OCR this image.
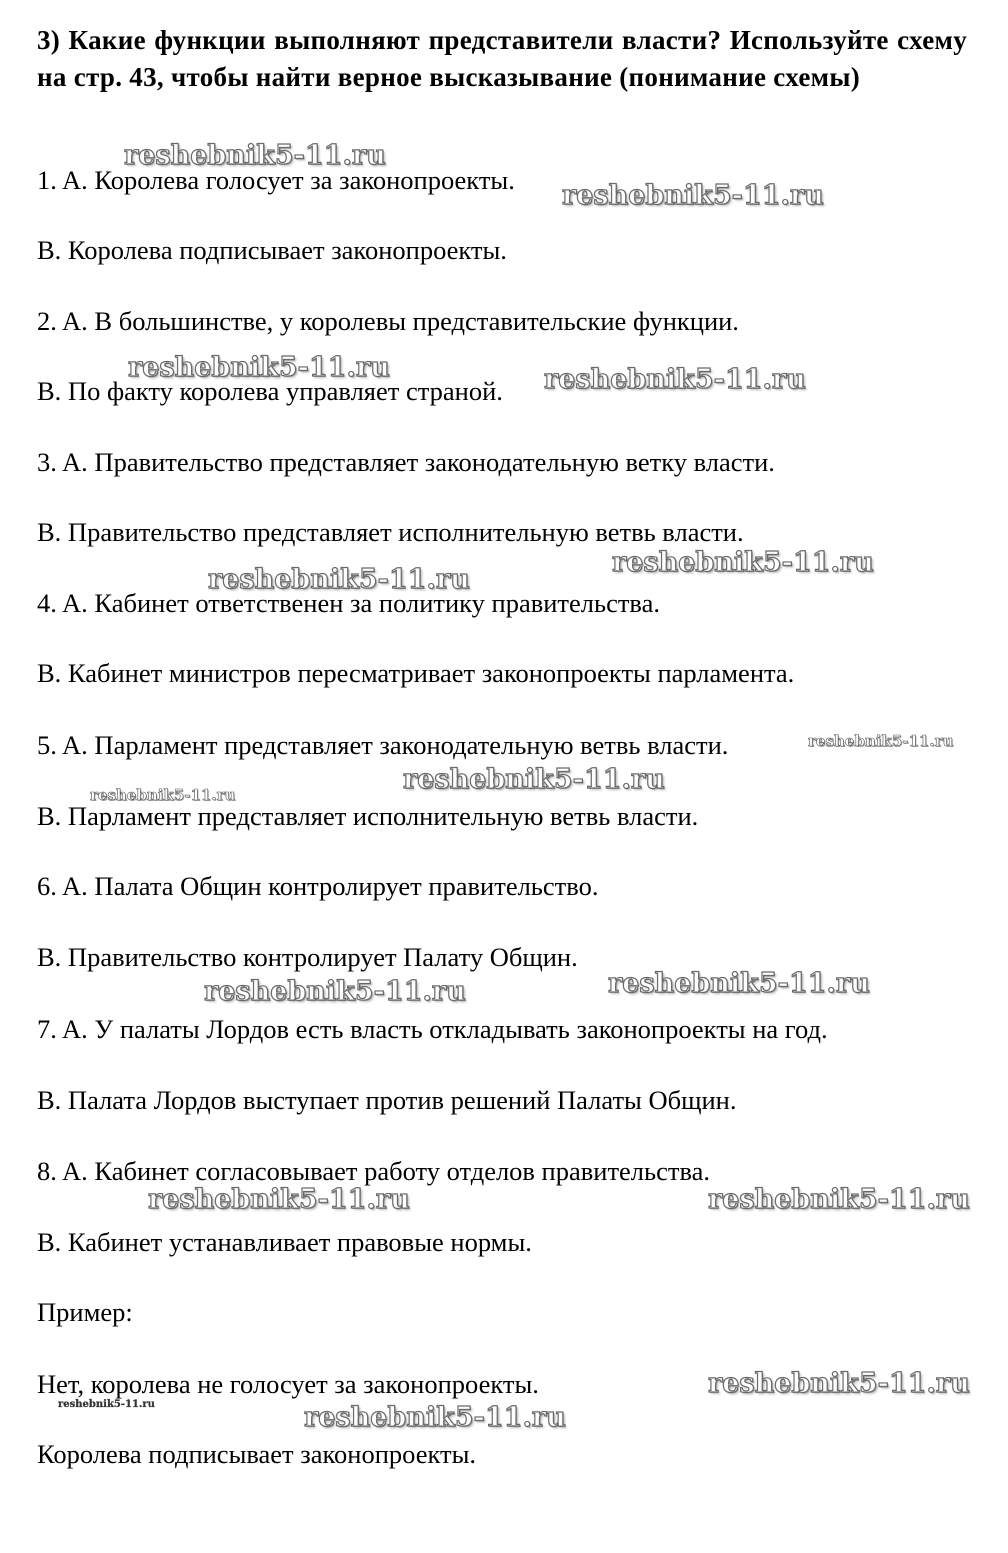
3) Какие функции выполняют представители власти? Используйте схему на стр. 43, чтобы найти верное высказывание (понимание схемы)
1. A. Королева голосует за законопроекты.
B. Королева подписывает законопроекты.
2. A. В большинстве, у королевы представительские функции.
B. По факту королева управляет страной.
3. A. Правительство представляет законодательную ветку власти.
B. Правительство представляет исполнительную ветвь власти.
4. A. Кабинет ответственен за политику правительства.
B. Кабинет министров пересматривает законопроекты парламента.
5. A. Парламент представляет законодательную ветвь власти.
B. Парламент представляет исполнительную ветвь власти.
6. A. Палата Общин контролирует правительство.
B. Правительство контролирует Палату Общин.
7. A. У палаты Лордов есть власть откладывать законопроекты на год.
B. Палата Лордов выступает против решений Палаты Общин.
8. A. Кабинет согласовывает работу отделов правительства.
B. Кабинет устанавливает правовые нормы.
Пример:
Нет, королева не голосует за законопроекты.
Королева подписывает законопроекты.
reshebnik5-11.ru
reshebnik5-11.ru
reshebnik5-11.ru	reshebnik5-11.ru
reshebnik5-11.ru
reshebnik5-11.ru
reshebnik5-11.ru
reshebnik5-11.ru
reshebnik5-11.ru
reshebnik5-11.ru
reshebnik5-11.ru
reshebnik5-11.ru	reshebnik5-11.ru
reshebnik5-11.ru
reshebnik5-11.ru	reshebnik5-11.ru
